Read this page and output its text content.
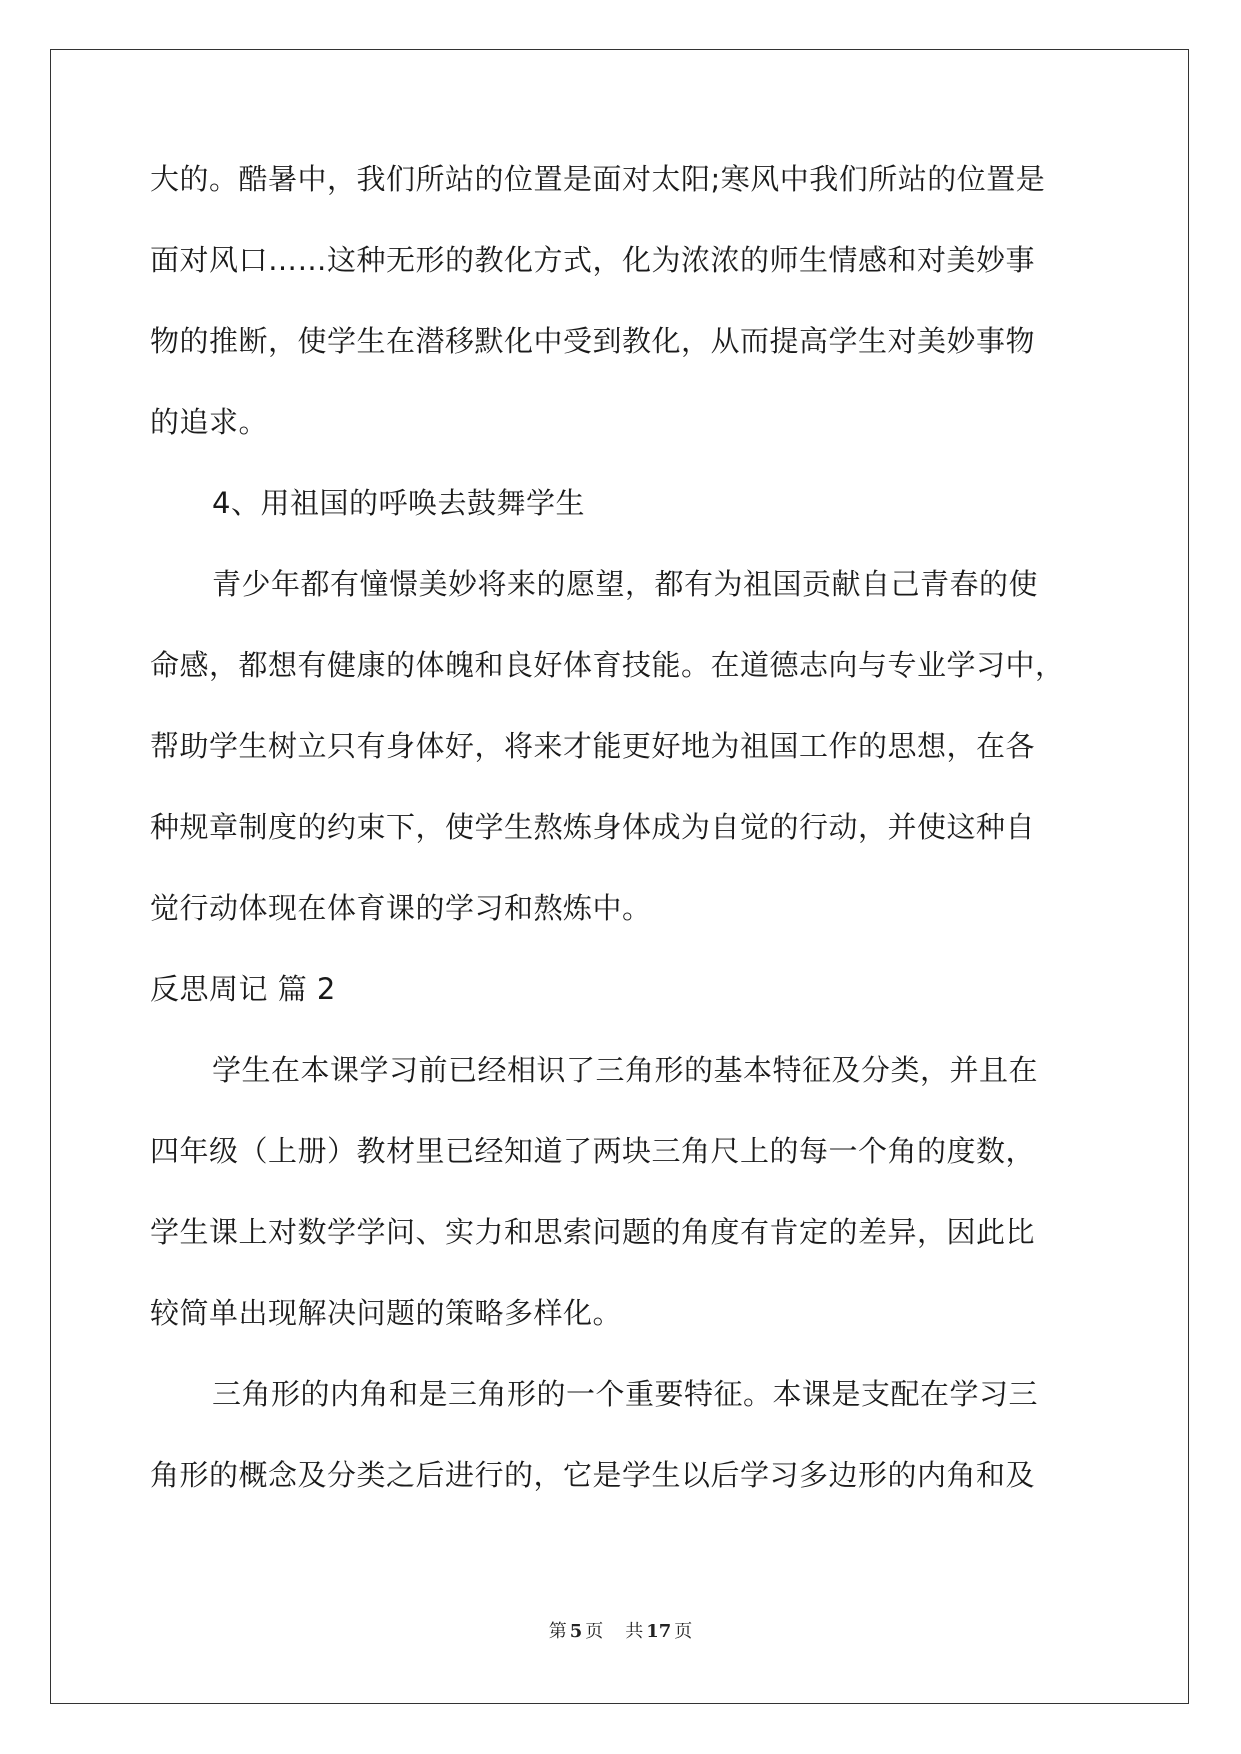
大的。酷暑中，我们所站的位置是面对太阳;寒风中我们所站的位置是
面对风口……这种无形的教化方式，化为浓浓的师生情感和对美妙事
物的推断，使学生在潜移默化中受到教化，从而提高学生对美妙事物
的追求。
4、用祖国的呼唤去鼓舞学生
青少年都有憧憬美妙将来的愿望，都有为祖国贡献自己青春的使
命感，都想有健康的体魄和良好体育技能。在道德志向与专业学习中，
帮助学生树立只有身体好，将来才能更好地为祖国工作的思想，在各
种规章制度的约束下，使学生熬炼身体成为自觉的行动，并使这种自
觉行动体现在体育课的学习和熬炼中。
反思周记 篇 2
学生在本课学习前已经相识了三角形的基本特征及分类，并且在
四年级（上册）教材里已经知道了两块三角尺上的每一个角的度数，
学生课上对数学学问、实力和思索问题的角度有肯定的差异，因此比
较简单出现解决问题的策略多样化。
三角形的内角和是三角形的一个重要特征。本课是支配在学习三
角形的概念及分类之后进行的，它是学生以后学习多边形的内角和及
第 5 页 共 17 页
